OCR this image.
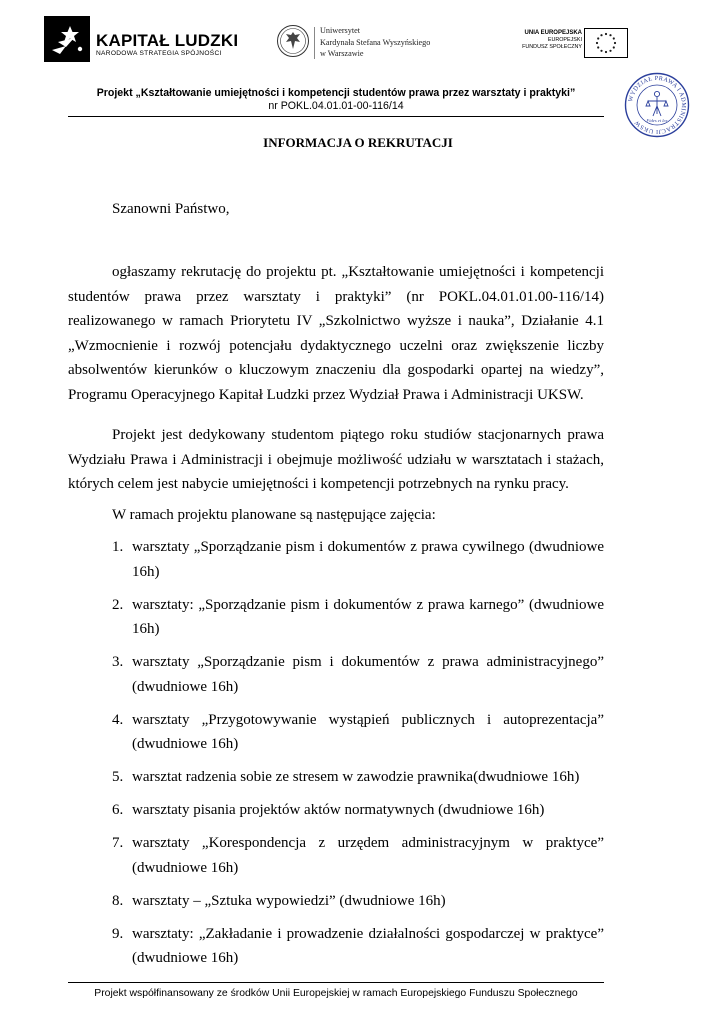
KAPITAŁ LUDZKI
NARODOWA STRATEGIA SPÓJNOŚCI
Uniwersytet
Kardynała Stefana Wyszyńskiego
w Warszawie
UNIA EUROPEJSKA
EUROPEJSKI
FUNDUSZ SPOŁECZNY
Projekt „Kształtowanie umiejętności i kompetencji studentów prawa przez warsztaty i praktyki”
nr POKL.04.01.01-00-116/14
WYDZIAŁ PRAWA I ADMINISTRACJI UKSW Fides et lex
INFORMACJA O REKRUTACJI
Szanowni Państwo,

ogłaszamy rekrutację do projektu pt. „Kształtowanie umiejętności i kompetencji studentów prawa przez warsztaty i praktyki” (nr POKL.04.01.01.00-116/14) realizowanego w ramach Priorytetu IV „Szkolnictwo wyższe i nauka”, Działanie 4.1 „Wzmocnienie i rozwój potencjału dydaktycznego uczelni oraz zwiększenie liczby absolwentów kierunków o kluczowym znaczeniu dla gospodarki opartej na wiedzy”, Programu Operacyjnego Kapitał Ludzki przez Wydział Prawa i Administracji UKSW.

Projekt jest dedykowany studentom piątego roku studiów stacjonarnych prawa Wydziału Prawa i Administracji i obejmuje możliwość udziału w warsztatach i stażach, których celem jest nabycie umiejętności i kompetencji potrzebnych na rynku pracy.

W ramach projektu planowane są następujące zajęcia:

1. warsztaty „Sporządzanie pism i dokumentów z prawa cywilnego (dwudniowe 16h)
2. warsztaty: „Sporządzanie pism i dokumentów z prawa karnego” (dwudniowe 16h)
3. warsztaty „Sporządzanie pism i dokumentów z prawa administracyjnego” (dwudniowe 16h)
4. warsztaty „Przygotowywanie wystąpień publicznych i autoprezentacja” (dwudniowe 16h)
5. warsztat radzenia sobie ze stresem w zawodzie prawnika(dwudniowe 16h)
6. warsztaty pisania projektów aktów normatywnych (dwudniowe 16h)
7. warsztaty „Korespondencja z urzędem administracyjnym w praktyce” (dwudniowe 16h)
8. warsztaty – „Sztuka wypowiedzi” (dwudniowe 16h)
9. warsztaty: „Zakładanie i prowadzenie działalności gospodarczej w praktyce” (dwudniowe 16h)
Projekt współfinansowany ze środków Unii Europejskiej w ramach Europejskiego Funduszu Społecznego
